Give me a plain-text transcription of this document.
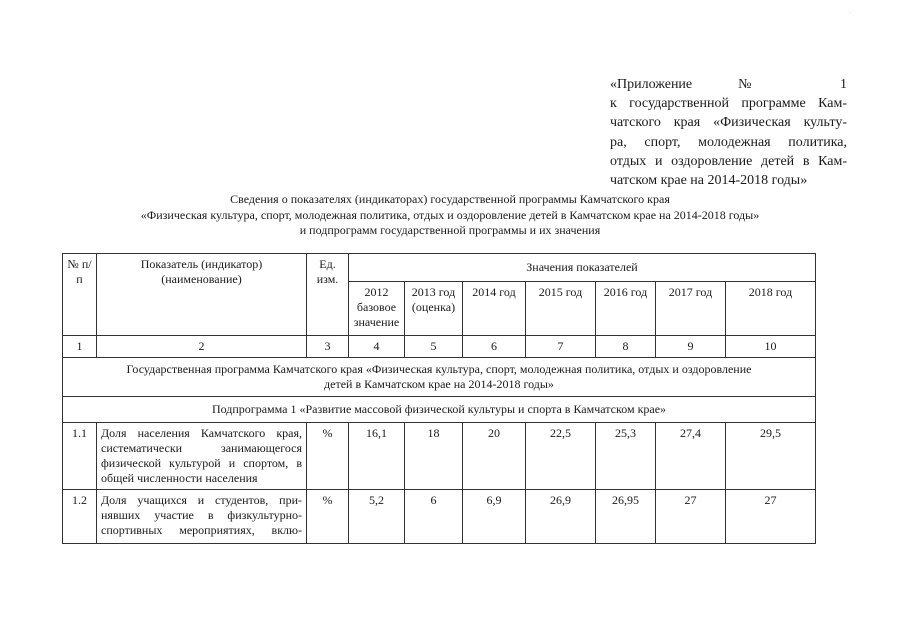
.
«Приложение № 1
к государственной программе Кам-
чатского края «Физическая культу-
ра, спорт, молодежная политика,
отдых и оздоровление детей в Кам-
чатском крае на 2014-2018 годы»
Сведения о показателях (индикаторах) государственной программы Камчатского края
«Физическая культура, спорт, молодежная политика, отдых и оздоровление детей в Камчатском крае на 2014-2018 годы»
и подпрограмм государственной программы и их значения
№ п/п	Показатель (индикатор) (наименование)	Ед. изм.	Значения показателей						
			2012 базовое значение	2013 год (оценка)	2014 год	2015 год	2016 год	2017 год	2018 год
1	2	3	4	5	6	7	8	9	10
Государственная программа Камчатского края «Физическая культура, спорт, молодежная политика, отдых и оздоровление детей в Камчатском крае на 2014-2018 годы»									
Подпрограмма 1 «Развитие массовой физической культуры и спорта в Камчатском крае»									
1.1	Доля населения Камчатского края,
систематически занимающегося
физической культурой и спортом, в
общей численности населения	%	16,1	18	20	22,5	25,3	27,4	29,5
1.2	Доля учащихся и студентов, при-
нявших участие в физкультурно-
спортивных мероприятиях, вклю-	%	5,2	6	6,9	26,9	26,95	27	27
